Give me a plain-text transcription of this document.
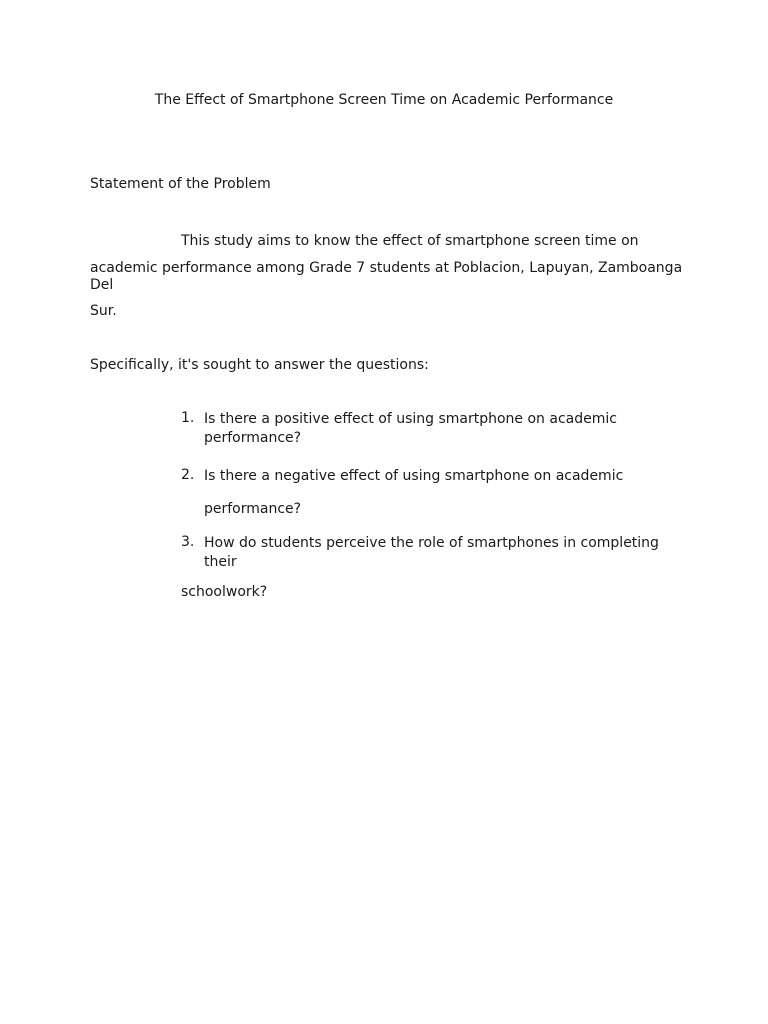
The Effect of Smartphone Screen Time on Academic Performance
Statement of the Problem
This study aims to know the effect of smartphone screen time on
academic performance among Grade 7 students at Poblacion, Lapuyan, Zamboanga Del
Sur.
Specifically, it's sought to answer the questions:
1. Is there a positive effect of using smartphone on academic performance?
2. Is there a negative effect of using smartphone on academic
performance?
3. How do students perceive the role of smartphones in completing their
schoolwork?
